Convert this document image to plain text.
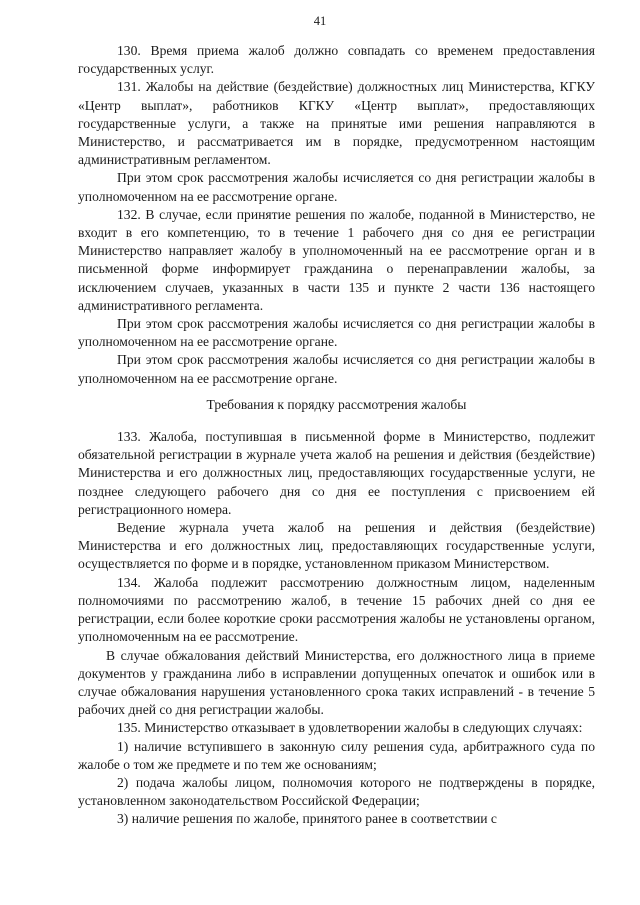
41

130. Время приема жалоб должно совпадать со временем предоставления государственных услуг.

131. Жалобы на действие (бездействие) должностных лиц Министерства, КГКУ «Центр выплат», работников КГКУ «Центр выплат», предоставляющих государственные услуги, а также на принятые ими решения направляются в Министерство, и рассматривается им в порядке, предусмотренном настоящим административным регламентом.

При этом срок рассмотрения жалобы исчисляется со дня регистрации жалобы в уполномоченном на ее рассмотрение органе.

132. В случае, если принятие решения по жалобе, поданной в Министерство, не входит в его компетенцию, то в течение 1 рабочего дня со дня ее регистрации Министерство направляет жалобу в уполномоченный на ее рассмотрение орган и в письменной форме информирует гражданина о перенаправлении жалобы, за исключением случаев, указанных в части 135 и пункте 2 части 136 настоящего административного регламента.

При этом срок рассмотрения жалобы исчисляется со дня регистрации жалобы в уполномоченном на ее рассмотрение органе.

При этом срок рассмотрения жалобы исчисляется со дня регистрации жалобы в уполномоченном на ее рассмотрение органе.

Требования к порядку рассмотрения жалобы

133. Жалоба, поступившая в письменной форме в Министерство, подлежит обязательной регистрации в журнале учета жалоб на решения и действия (бездействие) Министерства и его должностных лиц, предоставляющих государственные услуги, не позднее следующего рабочего дня со дня ее поступления с присвоением ей регистрационного номера.

Ведение журнала учета жалоб на решения и действия (бездействие) Министерства и его должностных лиц, предоставляющих государственные услуги, осуществляется по форме и в порядке, установленном приказом Министерством.

134. Жалоба подлежит рассмотрению должностным лицом, наделенным полномочиями по рассмотрению жалоб, в течение 15 рабочих дней со дня ее регистрации, если более короткие сроки рассмотрения жалобы не установлены органом, уполномоченным на ее рассмотрение.

В случае обжалования действий Министерства, его должностного лица в приеме документов у гражданина либо в исправлении допущенных опечаток и ошибок или в случае обжалования нарушения установленного срока таких исправлений - в течение 5 рабочих дней со дня регистрации жалобы.

135. Министерство отказывает в удовлетворении жалобы в следующих случаях:

1) наличие вступившего в законную силу решения суда, арбитражного суда по жалобе о том же предмете и по тем же основаниям;

2) подача жалобы лицом, полномочия которого не подтверждены в порядке, установленном законодательством Российской Федерации;

3) наличие решения по жалобе, принятого ранее в соответствии с
